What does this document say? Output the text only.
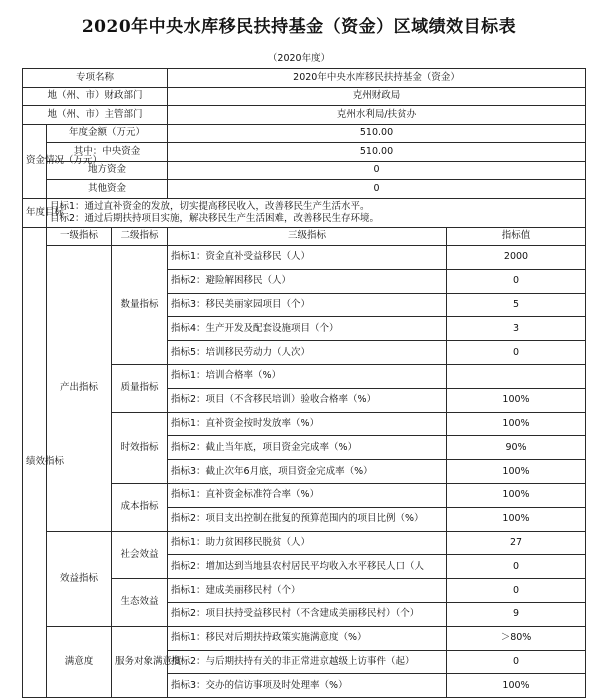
2020年中央水库移民扶持基金（资金）区域绩效目标表
（2020年度）
专项名称			2020年中央水库移民扶持基金（资金）	
地（州、市）财政部门			克州财政局	
地（州、市）主管部门			克州水利局/扶贫办	
资金情况（万元）	年度金额（万元）		510.00	
	其中：中央资金		510.00	
	地方资金		0	
	其他资金		0	
年度目标	目标1：通过直补资金的发放，切实提高移民收入，改善移民生产生活水平。
目标2：通过后期扶持项目实施，解决移民生产生活困难，改善移民生存环境。			

绩效指标	一级指标	二级指标	三级指标	指标值
	产出指标	数量指标	指标1：资金直补受益移民（人）	2000
			指标2：避险解困移民（人）	0
			指标3：移民美丽家园项目（个）	5
			指标4：生产开发及配套设施项目（个）	3
			指标5：培训移民劳动力（人次）	0
		质量指标	指标1：培训合格率（%）	
			指标2：项目（不含移民培训）验收合格率（%）	100%
		时效指标	指标1：直补资金按时发放率（%）	100%
			指标2：截止当年底，项目资金完成率（%）	90%
			指标3：截止次年6月底，项目资金完成率（%）	100%
		成本指标	指标1：直补资金标准符合率（%）	100%
			指标2：项目支出控制在批复的预算范围内的项目比例（%）	100%
	效益指标	社会效益	指标1：助力贫困移民脱贫（人）	27
			指标2：增加达到当地县农村居民平均收入水平移民人口（人	0
		生态效益	指标1：建成美丽移民村（个）	0
			指标2：项目扶持受益移民村（不含建成美丽移民村）（个）	9
	满意度	服务对象满意度	指标1：移民对后期扶持政策实施满意度（%）	＞80%
			指标2：与后期扶持有关的非正常进京越级上访事件（起）	0
			指标3：交办的信访事项及时处理率（%）	100%
